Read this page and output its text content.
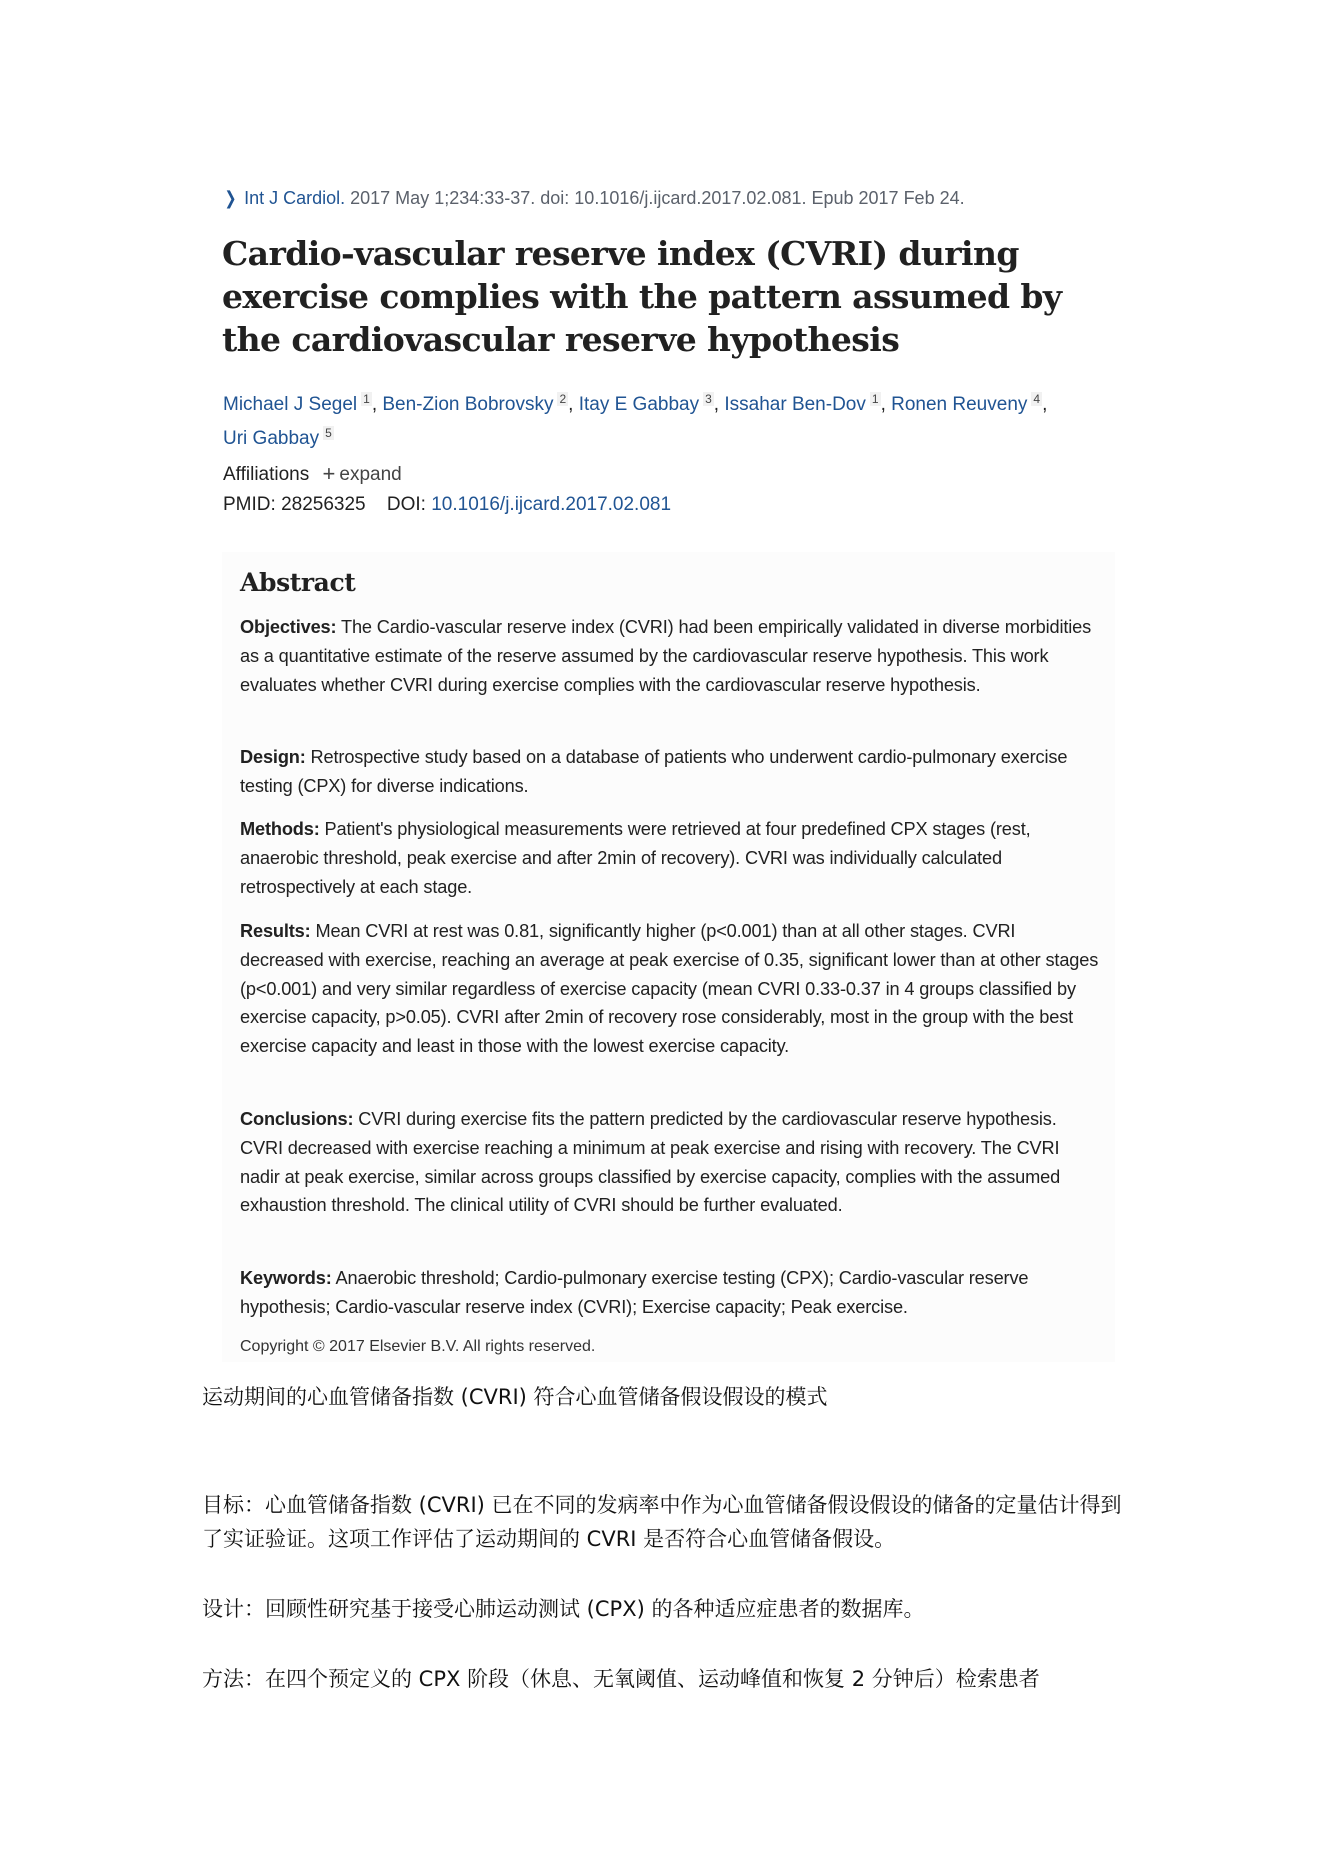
❯ Int J Cardiol. 2017 May 1;234:33-37. doi: 10.1016/j.ijcard.2017.02.081. Epub 2017 Feb 24.
Cardio-vascular reserve index (CVRI) during exercise complies with the pattern assumed by the cardiovascular reserve hypothesis
Michael J Segel $^1$ , Ben-Zion Bobrovsky $^2$ , Itay E Gabbay $^3$ , Issahar Ben-Dov $^1$ , Ronen Reuveny $^4$ ,
Uri Gabbay $^5$
Affiliations + expand
PMID: 28256325 DOI: 10.1016/j.ijcard.2017.02.081
Abstract

Objectives: The Cardio-vascular reserve index (CVRI) had been empirically validated in diverse morbidities as a quantitative estimate of the reserve assumed by the cardiovascular reserve hypothesis. This work evaluates whether CVRI during exercise complies with the cardiovascular reserve hypothesis.

Design: Retrospective study based on a database of patients who underwent cardio-pulmonary exercise testing (CPX) for diverse indications.

Methods: Patient's physiological measurements were retrieved at four predefined CPX stages (rest, anaerobic threshold, peak exercise and after 2min of recovery). CVRI was individually calculated retrospectively at each stage.

Results: Mean CVRI at rest was 0.81, significantly higher (p<0.001) than at all other stages. CVRI decreased with exercise, reaching an average at peak exercise of 0.35, significant lower than at other stages (p<0.001) and very similar regardless of exercise capacity (mean CVRI 0.33-0.37 in 4 groups classified by exercise capacity, p>0.05). CVRI after 2min of recovery rose considerably, most in the group with the best exercise capacity and least in those with the lowest exercise capacity.

Conclusions: CVRI during exercise fits the pattern predicted by the cardiovascular reserve hypothesis. CVRI decreased with exercise reaching a minimum at peak exercise and rising with recovery. The CVRI nadir at peak exercise, similar across groups classified by exercise capacity, complies with the assumed exhaustion threshold. The clinical utility of CVRI should be further evaluated.

Keywords: Anaerobic threshold; Cardio-pulmonary exercise testing (CPX); Cardio-vascular reserve hypothesis; Cardio-vascular reserve index (CVRI); Exercise capacity; Peak exercise.

Copyright © 2017 Elsevier B.V. All rights reserved.

运动期间的心血管储备指数 (CVRI) 符合心血管储备假设假设的模式

目标：心血管储备指数 (CVRI) 已在不同的发病率中作为心血管储备假设假设的储备的定量估计得到了实证验证。这项工作评估了运动期间的 CVRI 是否符合心血管储备假设。

设计：回顾性研究基于接受心肺运动测试 (CPX) 的各种适应症患者的数据库。

方法：在四个预定义的 CPX 阶段（休息、无氧阈值、运动峰值和恢复 2 分钟后）检索患者
